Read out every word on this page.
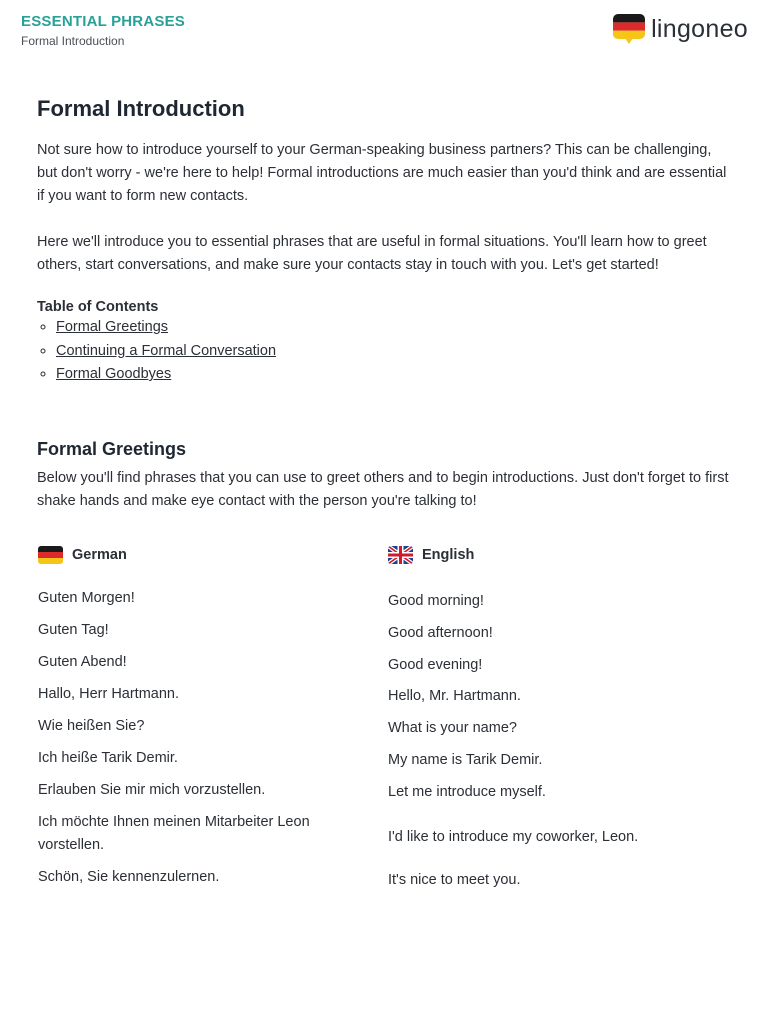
ESSENTIAL PHRASES
Formal Introduction	lingoneo
Formal Introduction

Not sure how to introduce yourself to your German-speaking business partners? This can be challenging, but don't worry - we're here to help! Formal introductions are much easier than you'd think and are essential if you want to form new contacts.

Here we'll introduce you to essential phrases that are useful in formal situations. You'll learn how to greet others, start conversations, and make sure your contacts stay in touch with you. Let's get started!

Table of Contents
◦ Formal Greetings
◦ Continuing a Formal Conversation
◦ Formal Goodbyes
Formal Greetings

Below you'll find phrases that you can use to greet others and to begin introductions. Just don't forget to first shake hands and make eye contact with the person you're talking to!

German
Guten Morgen!
Guten Tag!
Guten Abend!
Hallo, Herr Hartmann.
Wie heißen Sie?
Ich heiße Tarik Demir.
Erlauben Sie mir mich vorzustellen.
Ich möchte Ihnen meinen Mitarbeiter Leon vorstellen.
Schön, Sie kennenzulernen.
English
Good morning!
Good afternoon!
Good evening!
Hello, Mr. Hartmann.
What is your name?
My name is Tarik Demir.
Let me introduce myself.
I'd like to introduce my coworker, Leon.
It's nice to meet you.
